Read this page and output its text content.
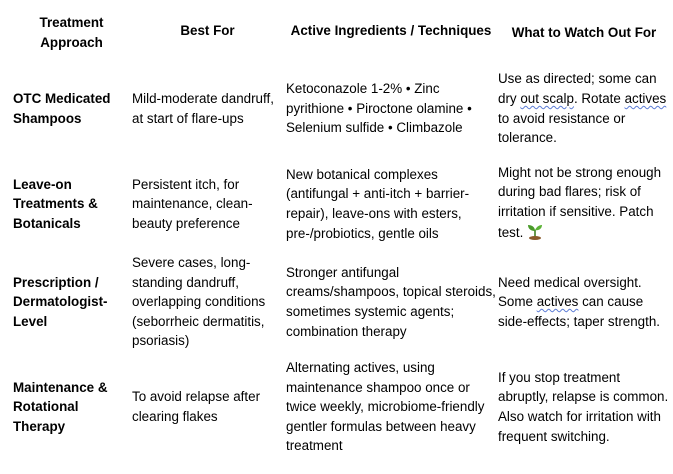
Treatment Approach	Best For	Active Ingredients / Techniques	What to Watch Out For
OTC Medicated Shampoos	Mild-moderate dandruff, at start of flare-ups	Ketoconazole 1-2% • Zinc pyrithione • Piroctone olamine • Selenium sulfide • Climbazole	Use as directed; some can dry out scalp. Rotate actives to avoid resistance or tolerance.
Leave-on Treatments & Botanicals	Persistent itch, for maintenance, clean-beauty preference	New botanical complexes (antifungal + anti-itch + barrier-repair), leave-ons with esters, pre-/probiotics, gentle oils	Might not be strong enough during bad flares; risk of irritation if sensitive. Patch test.
Prescription / Dermatologist-Level	Severe cases, long-standing dandruff, overlapping conditions (seborrheic dermatitis, psoriasis)	Stronger antifungal creams/shampoos, topical steroids, sometimes systemic agents; combination therapy	Need medical oversight. Some actives can cause side-effects; taper strength.
Maintenance & Rotational Therapy	To avoid relapse after clearing flakes	Alternating actives, using maintenance shampoo once or twice weekly, microbiome-friendly gentler formulas between heavy treatment	If you stop treatment abruptly, relapse is common. Also watch for irritation with frequent switching.
